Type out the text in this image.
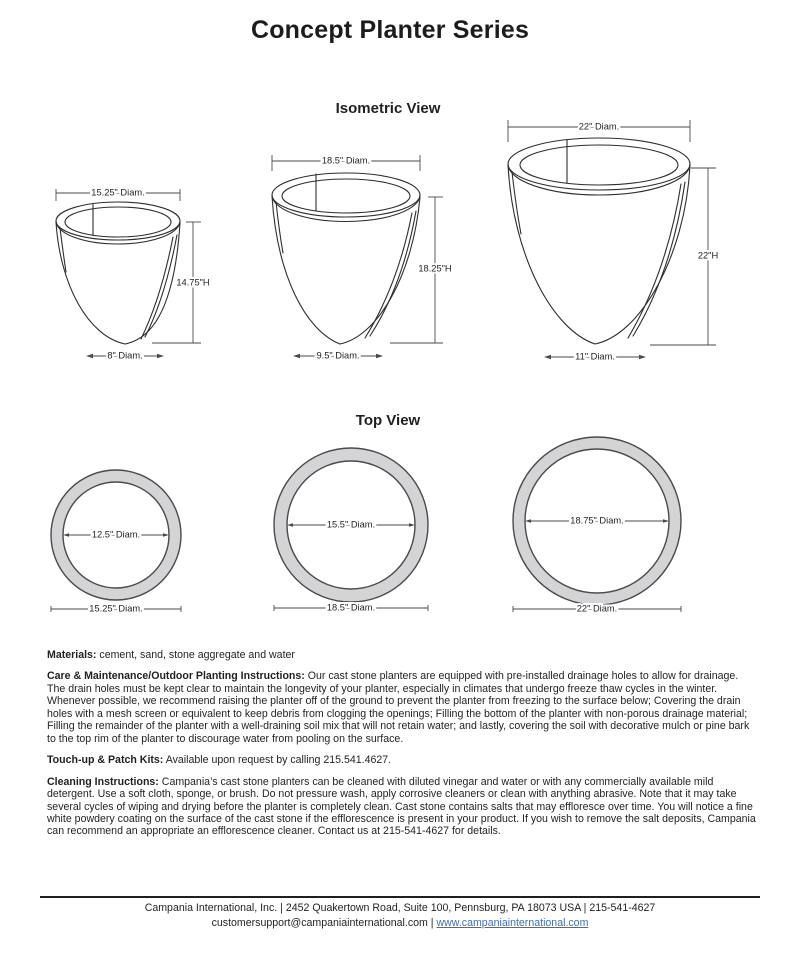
Concept Planter Series
Isometric View
15.25" Diam.
14.75"H
8" Diam.
18.5" Diam.
18.25"H
9.5" Diam.
22" Diam.
22"H
11" Diam.
Top View
12.5" Diam.
15.25" Diam.
15.5" Diam.
18.5" Diam.
18.75" Diam.
22" Diam.

Materials: cement, sand, stone aggregate and water

Care & Maintenance/Outdoor Planting Instructions: Our cast stone planters are equipped with pre-installed drainage holes to allow for drainage. The drain holes must be kept clear to maintain the longevity of your planter, especially in climates that undergo freeze thaw cycles in the winter. Whenever possible, we recommend raising the planter off of the ground to prevent the planter from freezing to the surface below; Covering the drain holes with a mesh screen or equivalent to keep debris from clogging the openings; Filling the bottom of the planter with non-porous drainage material; Filling the remainder of the planter with a well-draining soil mix that will not retain water; and lastly, covering the soil with decorative mulch or pine bark to the top rim of the planter to discourage water from pooling on the surface.

Touch-up & Patch Kits: Available upon request by calling 215.541.4627.

Cleaning Instructions: Campania’s cast stone planters can be cleaned with diluted vinegar and water or with any commercially available mild detergent. Use a soft cloth, sponge, or brush. Do not pressure wash, apply corrosive cleaners or clean with anything abrasive. Note that it may take several cycles of wiping and drying before the planter is completely clean. Cast stone contains salts that may effloresce over time. You will notice a fine white powdery coating on the surface of the cast stone if the efflorescence is present in your product. If you wish to remove the salt deposits, Campania can recommend an appropriate an efflorescence cleaner. Contact us at 215-541-4627 for details.

Campania International, Inc. | 2452 Quakertown Road, Suite 100, Pennsburg, PA 18073 USA | 215-541-4627
customersupport@campaniainternational.com | www.campaniainternational.com
